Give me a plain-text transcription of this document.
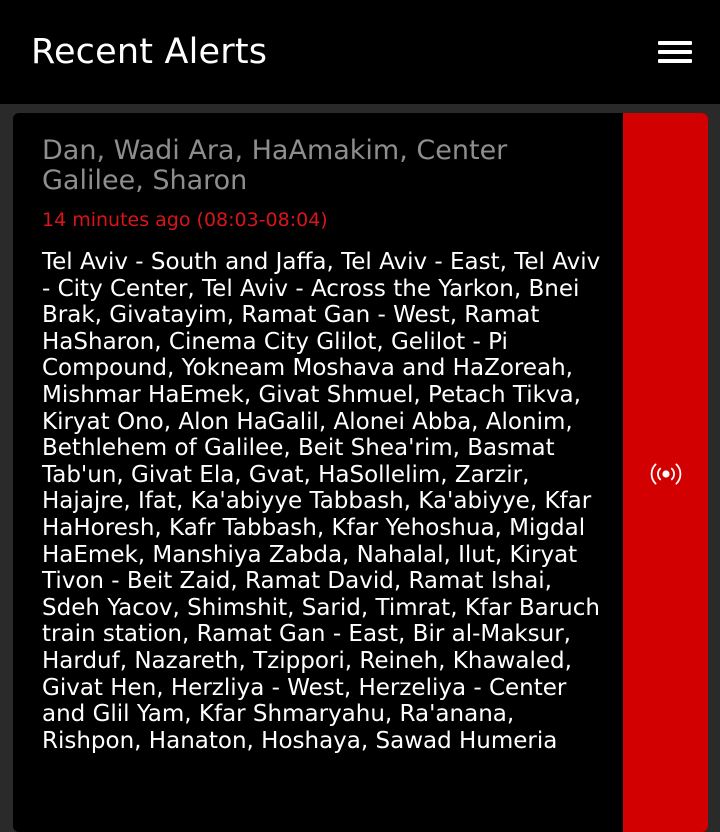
Recent Alerts
Dan, Wadi Ara, HaAmakim, Center Galilee, Sharon
14 minutes ago (08:03-08:04)
Tel Aviv - South and Jaffa, Tel Aviv - East, Tel Aviv - City Center, Tel Aviv - Across the Yarkon, Bnei Brak, Givatayim, Ramat Gan - West, Ramat HaSharon, Cinema City Glilot, Gelilot - Pi Compound, Yokneam Moshava and HaZoreah, Mishmar HaEmek, Givat Shmuel, Petach Tikva, Kiryat Ono, Alon HaGalil, Alonei Abba, Alonim, Bethlehem of Galilee, Beit Shea'rim, Basmat Tab'un, Givat Ela, Gvat, HaSollelim, Zarzir, Hajajre, Ifat, Ka'abiyye Tabbash, Ka'abiyye, Kfar HaHoresh, Kafr Tabbash, Kfar Yehoshua, Migdal HaEmek, Manshiya Zabda, Nahalal, Ilut, Kiryat Tivon - Beit Zaid, Ramat David, Ramat Ishai, Sdeh Yacov, Shimshit, Sarid, Timrat, Kfar Baruch train station, Ramat Gan - East, Bir al-Maksur, Harduf, Nazareth, Tzippori, Reineh, Khawaled, Givat Hen, Herzliya - West, Herzeliya - Center and Glil Yam, Kfar Shmaryahu, Ra'anana, Rishpon, Hanaton, Hoshaya, Sawad Humeria
